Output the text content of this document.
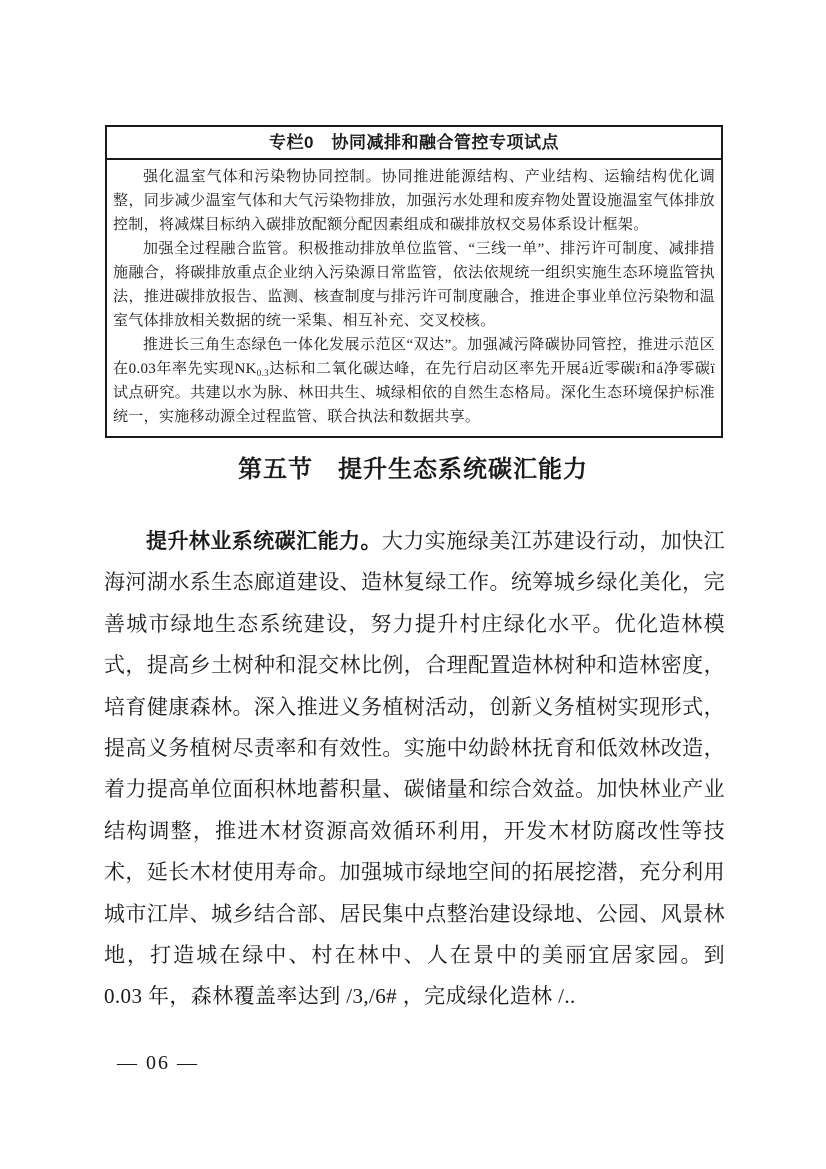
专栏0　协同减排和融合管控专项试点

强化温室气体和污染物协同控制。协同推进能源结构、产业结构、运输结构优化调整，同步减少温室气体和大气污染物排放，加强污水处理和废弃物处置设施温室气体排放控制，将减煤目标纳入碳排放配额分配因素组成和碳排放权交易体系设计框架。

加强全过程融合监管。积极推动排放单位监管、“三线一单”、排污许可制度、减排措施融合，将碳排放重点企业纳入污染源日常监管，依法依规统一组织实施生态环境监管执法，推进碳排放报告、监测、核查制度与排污许可制度融合，推进企事业单位污染物和温室气体排放相关数据的统一采集、相互补充、交叉校核。

推进长三角生态绿色一体化发展示范区“双达”。加强减污降碳协同管控，推进示范区在0.03年率先实现$NK_{0.3}$达标和二氧化碳达峰，在先行启动区率先开展á近零碳ï和á净零碳ï试点研究。共建以水为脉、林田共生、城绿相依的自然生态格局。深化生态环境保护标准统一，实施移动源全过程监管、联合执法和数据共享。

第五节　提升生态系统碳汇能力

提升林业系统碳汇能力。大力实施绿美江苏建设行动，加快江海河湖水系生态廊道建设、造林复绿工作。统筹城乡绿化美化，完善城市绿地生态系统建设，努力提升村庄绿化水平。优化造林模式，提高乡土树种和混交林比例，合理配置造林树种和造林密度，培育健康森林。深入推进义务植树活动，创新义务植树实现形式，提高义务植树尽责率和有效性。实施中幼龄林抚育和低效林改造，着力提高单位面积林地蓄积量、碳储量和综合效益。加快林业产业结构调整，推进木材资源高效循环利用，开发木材防腐改性等技术，延长木材使用寿命。加强城市绿地空间的拓展挖潜，充分利用城市江岸、城乡结合部、居民集中点整治建设绿地、公园、风景林地，打造城在绿中、村在林中、人在景中的美丽宜居家园。到 0.03 年，森林覆盖率达到 /3,/6# ，完成绿化造林 /..

— 06 —
